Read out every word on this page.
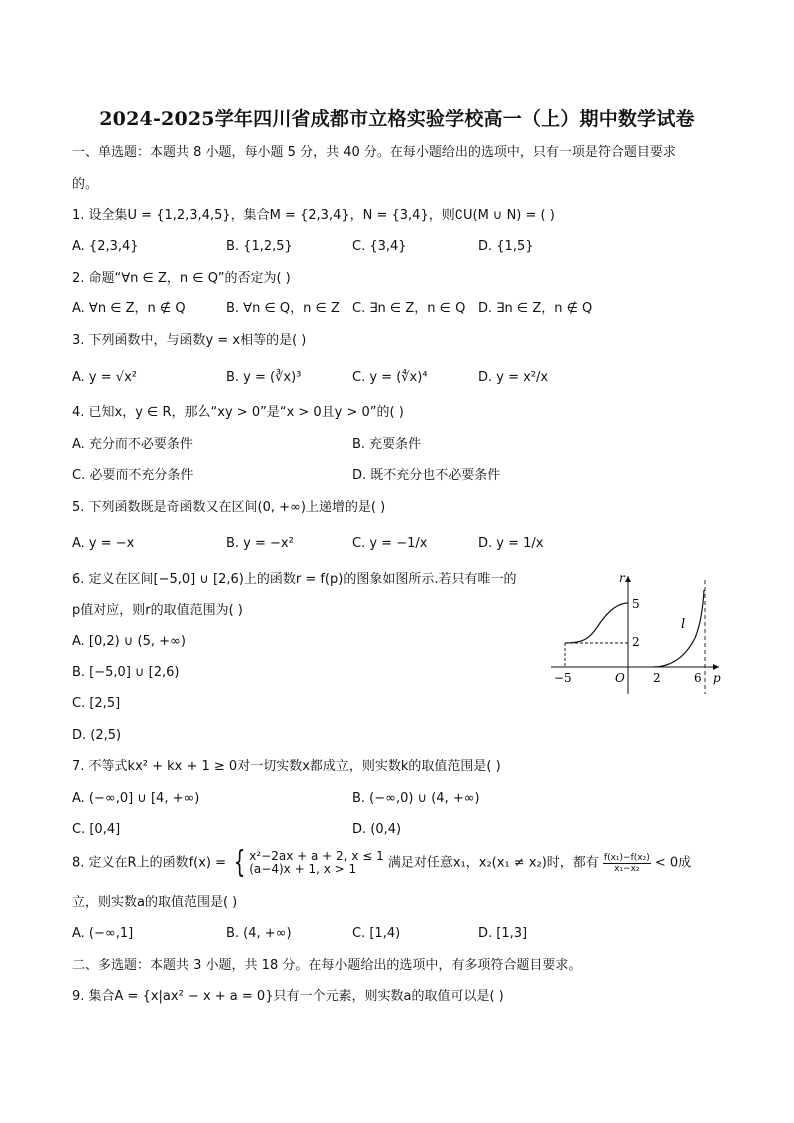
2024-2025学年四川省成都市立格实验学校高一（上）期中数学试卷
一、单选题：本题共 8 小题，每小题 5 分，共 40 分。在每小题给出的选项中，只有一项是符合题目要求
的。
1. 设全集U = {1,2,3,4,5}，集合M = {2,3,4}，N = {3,4}，则∁U(M ∪ N) = ( )
A. {2,3,4}	B. {1,2,5}	C. {3,4}	D. {1,5}
2. 命题“∀n ∈ Z，n ∈ Q”的否定为( )
A. ∀n ∈ Z，n ∉ Q	B. ∀n ∈ Q，n ∈ Z C. ∃n ∈ Z，n ∈ Q D. ∃n ∈ Z，n ∉ Q
3. 下列函数中，与函数y = x相等的是( )
A. y = √x²	B. y = (∛x)³	C. y = (∜x)⁴	D. y = x²/x
4. 已知x，y ∈ R，那么“xy > 0”是“x > 0且y > 0”的( )
A. 充分而不必要条件	B. 充要条件
C. 必要而不充分条件	D. 既不充分也不必要条件
5. 下列函数既是奇函数又在区间(0, +∞)上递增的是( )
A. y = −x	B. y = −x²	C. y = −1/x	D. y = 1/x
6. 定义在区间[−5,0] ∪ [2,6)上的函数r = f(p)的图象如图所示.若只有唯一的
p值对应，则r的取值范围为( )
A. [0,2) ∪ (5, +∞)
B. [−5,0] ∪ [2,6)
C. [2,5]
D. (2,5)
r
p
O
−5	2	6
5
2
l
7. 不等式kx² + kx + 1 ≥ 0对一切实数x都成立，则实数k的取值范围是( )
A. (−∞,0] ∪ [4, +∞)	B. (−∞,0) ∪ (4, +∞)
C. [0,4]	D. (0,4)
8. 定义在R上的函数f(x) = { x²−2ax + a + 2, x ≤ 1
(a−4)x + 1, x > 1	满足对任意x₁，x₂(x₁ ≠ x₂)时，都有 $\frac{\text{f(x₁)−f(x₂)}}{\text{x₁−x₂}} < 0$成
立，则实数a的取值范围是( )
A. (−∞,1]	B. (4, +∞)	C. [1,4)	D. [1,3]
二、多选题：本题共 3 小题，共 18 分。在每小题给出的选项中，有多项符合题目要求。
9. 集合A = {x|ax² − x + a = 0}只有一个元素，则实数a的取值可以是( )
